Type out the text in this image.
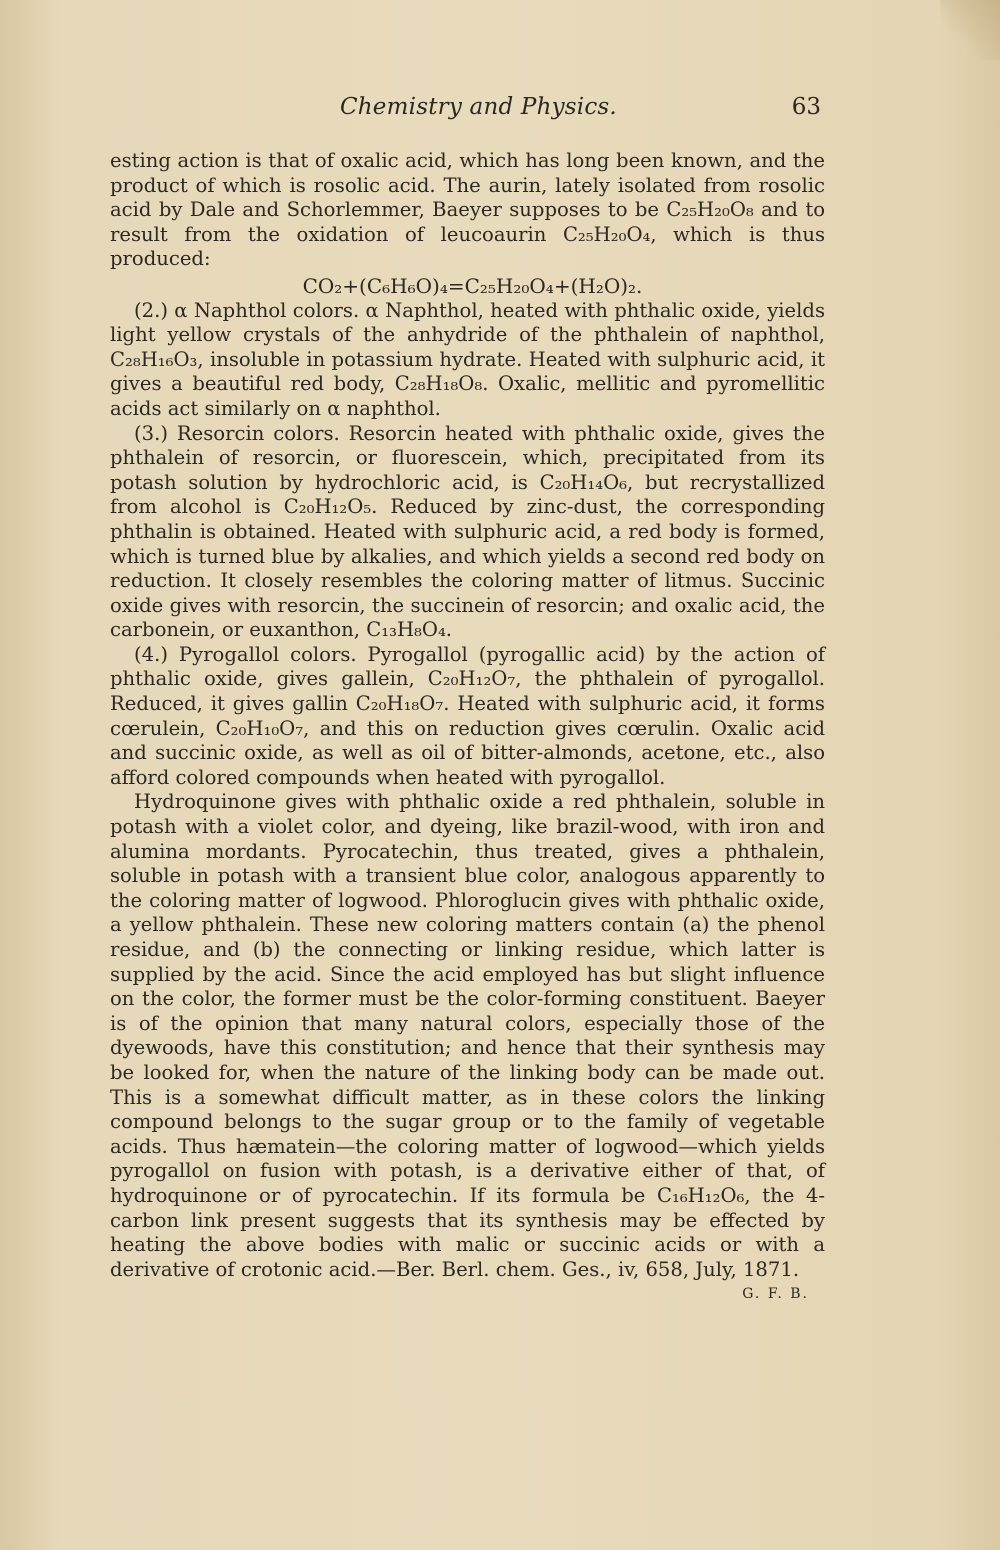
Chemistry and Physics.	63

esting action is that of oxalic acid, which has long been known, and the product of which is rosolic acid. The aurin, lately isolated from rosolic acid by Dale and Schorlemmer, Baeyer supposes to be C₂₅H₂₀O₈ and to result from the oxidation of leucoaurin C₂₅H₂₀O₄, which is thus produced:

CO₂+(C₆H₆O)₄=C₂₅H₂₀O₄+(H₂O)₂.

(2.) α Naphthol colors. α Naphthol, heated with phthalic oxide, yields light yellow crystals of the anhydride of the phthalein of naphthol, C₂₈H₁₆O₃, insoluble in potassium hydrate. Heated with sulphuric acid, it gives a beautiful red body, C₂₈H₁₈O₈. Oxalic, mellitic and pyromellitic acids act similarly on α naphthol.

(3.) Resorcin colors. Resorcin heated with phthalic oxide, gives the phthalein of resorcin, or fluorescein, which, precipitated from its potash solution by hydrochloric acid, is C₂₀H₁₄O₆, but recrystallized from alcohol is C₂₀H₁₂O₅. Reduced by zinc-dust, the corresponding phthalin is obtained. Heated with sulphuric acid, a red body is formed, which is turned blue by alkalies, and which yields a second red body on reduction. It closely resembles the coloring matter of litmus. Succinic oxide gives with resorcin, the succinein of resorcin; and oxalic acid, the carbonein, or euxanthon, C₁₃H₈O₄.

(4.) Pyrogallol colors. Pyrogallol (pyrogallic acid) by the action of phthalic oxide, gives gallein, C₂₀H₁₂O₇, the phthalein of pyrogallol. Reduced, it gives gallin C₂₀H₁₈O₇. Heated with sulphuric acid, it forms cœrulein, C₂₀H₁₀O₇, and this on reduction gives cœrulin. Oxalic acid and succinic oxide, as well as oil of bitter-almonds, acetone, etc., also afford colored compounds when heated with pyrogallol.

Hydroquinone gives with phthalic oxide a red phthalein, soluble in potash with a violet color, and dyeing, like brazil-wood, with iron and alumina mordants. Pyrocatechin, thus treated, gives a phthalein, soluble in potash with a transient blue color, analogous apparently to the coloring matter of logwood. Phloroglucin gives with phthalic oxide, a yellow phthalein. These new coloring matters contain (a) the phenol residue, and (b) the connecting or linking residue, which latter is supplied by the acid. Since the acid employed has but slight influence on the color, the former must be the color-forming constituent. Baeyer is of the opinion that many natural colors, especially those of the dyewoods, have this constitution; and hence that their synthesis may be looked for, when the nature of the linking body can be made out. This is a somewhat difficult matter, as in these colors the linking compound belongs to the sugar group or to the family of vegetable acids. Thus hæmatein—the coloring matter of logwood—which yields pyrogallol on fusion with potash, is a derivative either of that, of hydroquinone or of pyrocatechin. If its formula be C₁₆H₁₂O₆, the 4-carbon link present suggests that its synthesis may be effected by heating the above bodies with malic or succinic acids or with a derivative of crotonic acid.—Ber. Berl. chem. Ges., iv, 658, July, 1871.
G. F. B.
